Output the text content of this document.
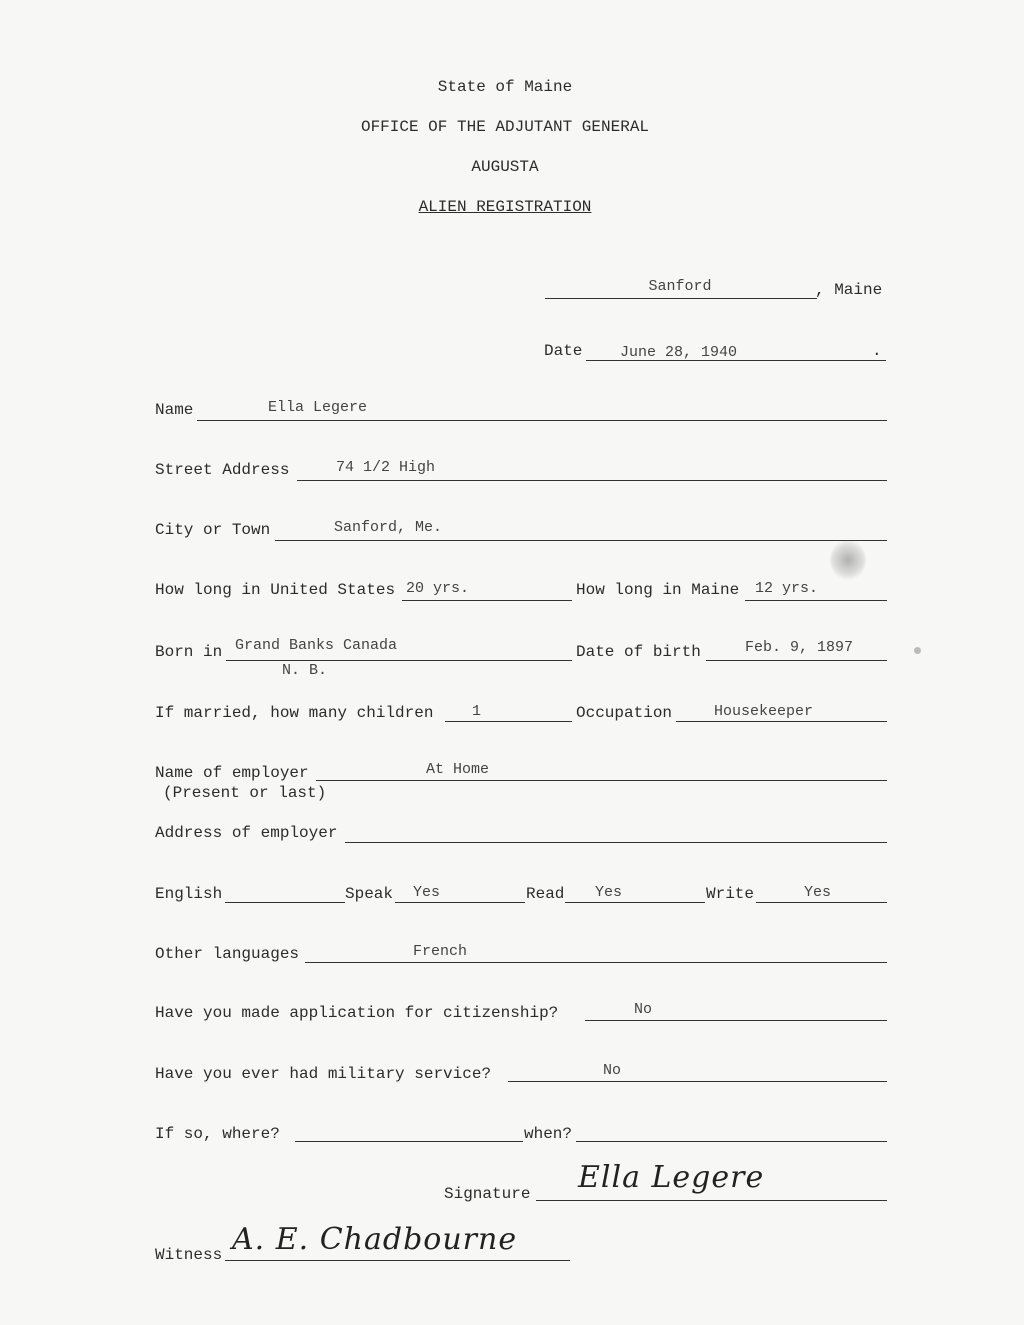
State of Maine
OFFICE OF THE ADJUTANT GENERAL
AUGUSTA
ALIEN REGISTRATION
Sanford	, Maine
Date	June 28, 1940	.
Name	Ella Legere
Street Address	74 1/2 High
City or Town	Sanford, Me.
How long in United States 20 yrs.	How long in Maine 12 yrs.
Born in Grand Banks Canada
N. B.
Date of birth	Feb. 9, 1897
If married, how many children	1	Occupation	Housekeeper
Name of employer	At Home
(Present or last)
Address of employer
English	Speak Yes	Read Yes	Write	Yes
Other languages	French
Have you made application for citizenship?	No
Have you ever had military service?	No
If so, where?	when?
Signature Ella Legere
Witness A. E. Chadbourne
